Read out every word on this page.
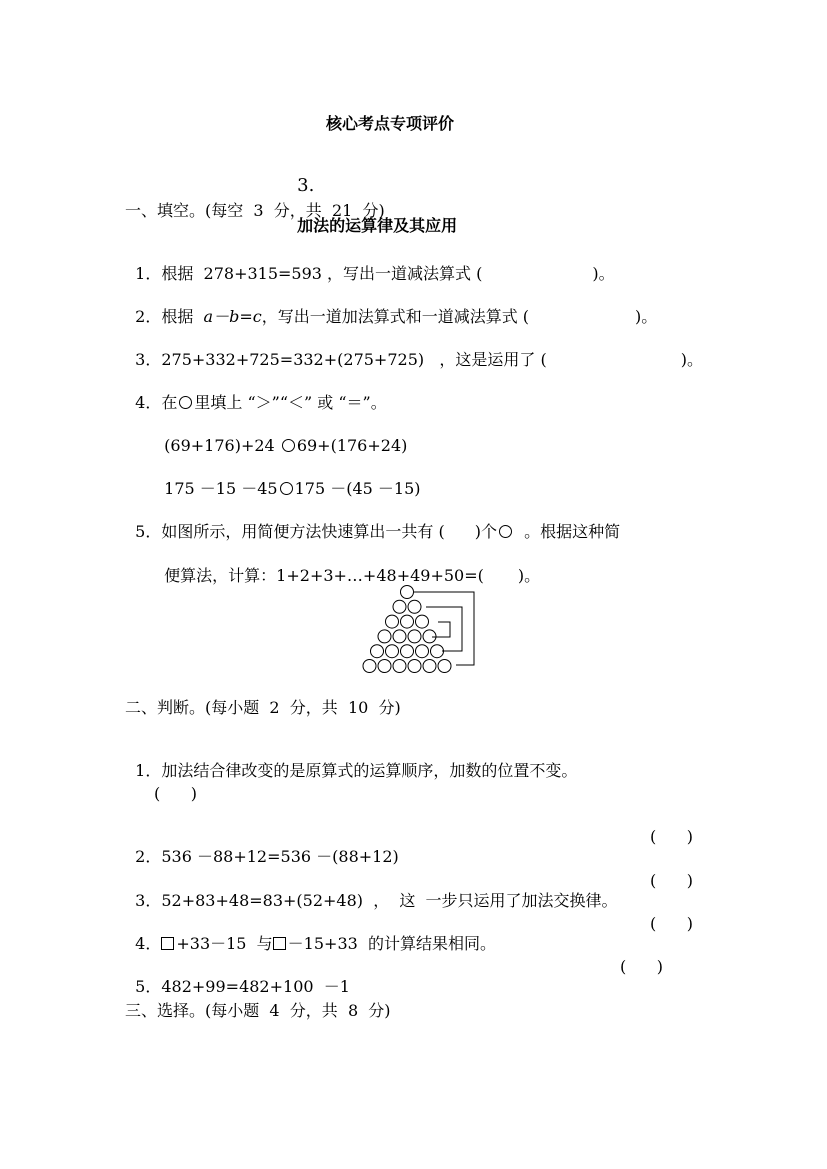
核心考点专项评价

3.

加法的运算律及其应用

一、填空。(每空  3  分，共  21  分)

1．根据  278+315=593 ，写出一道减法算式 (	)。

2．根据  a－b=c，写出一道加法算式和一道减法算式 (	)。

3．275+332+725=332+(275+725)   ，这是运用了 (	)。

4．在 里填上 “＞”“＜” 或 “＝”。

(69+176)+24 69+(176+24)

175 －15 －45 175 －(45 －15)

5．如图所示，用简便方法快速算出一共有 ( )个  。根据这种简

便算法，计算：1+2+3+…+48+49+50=( )。

二、判断。(每小题  2  分，共  10  分)

1．加法结合律改变的是原算式的运算顺序，加数的位置不变。

(      )

2．536 －88+12=536 －(88+12)

(      )

3．52+83+48=83+(52+48)  ，  这  一步只运用了加法交换律。

(      )

4． +33－15  与 －15+33  的计算结果相同。

(      )

5．482+99=482+100  －1

(      )
三、选择。(每小题  4  分，共  8  分)
